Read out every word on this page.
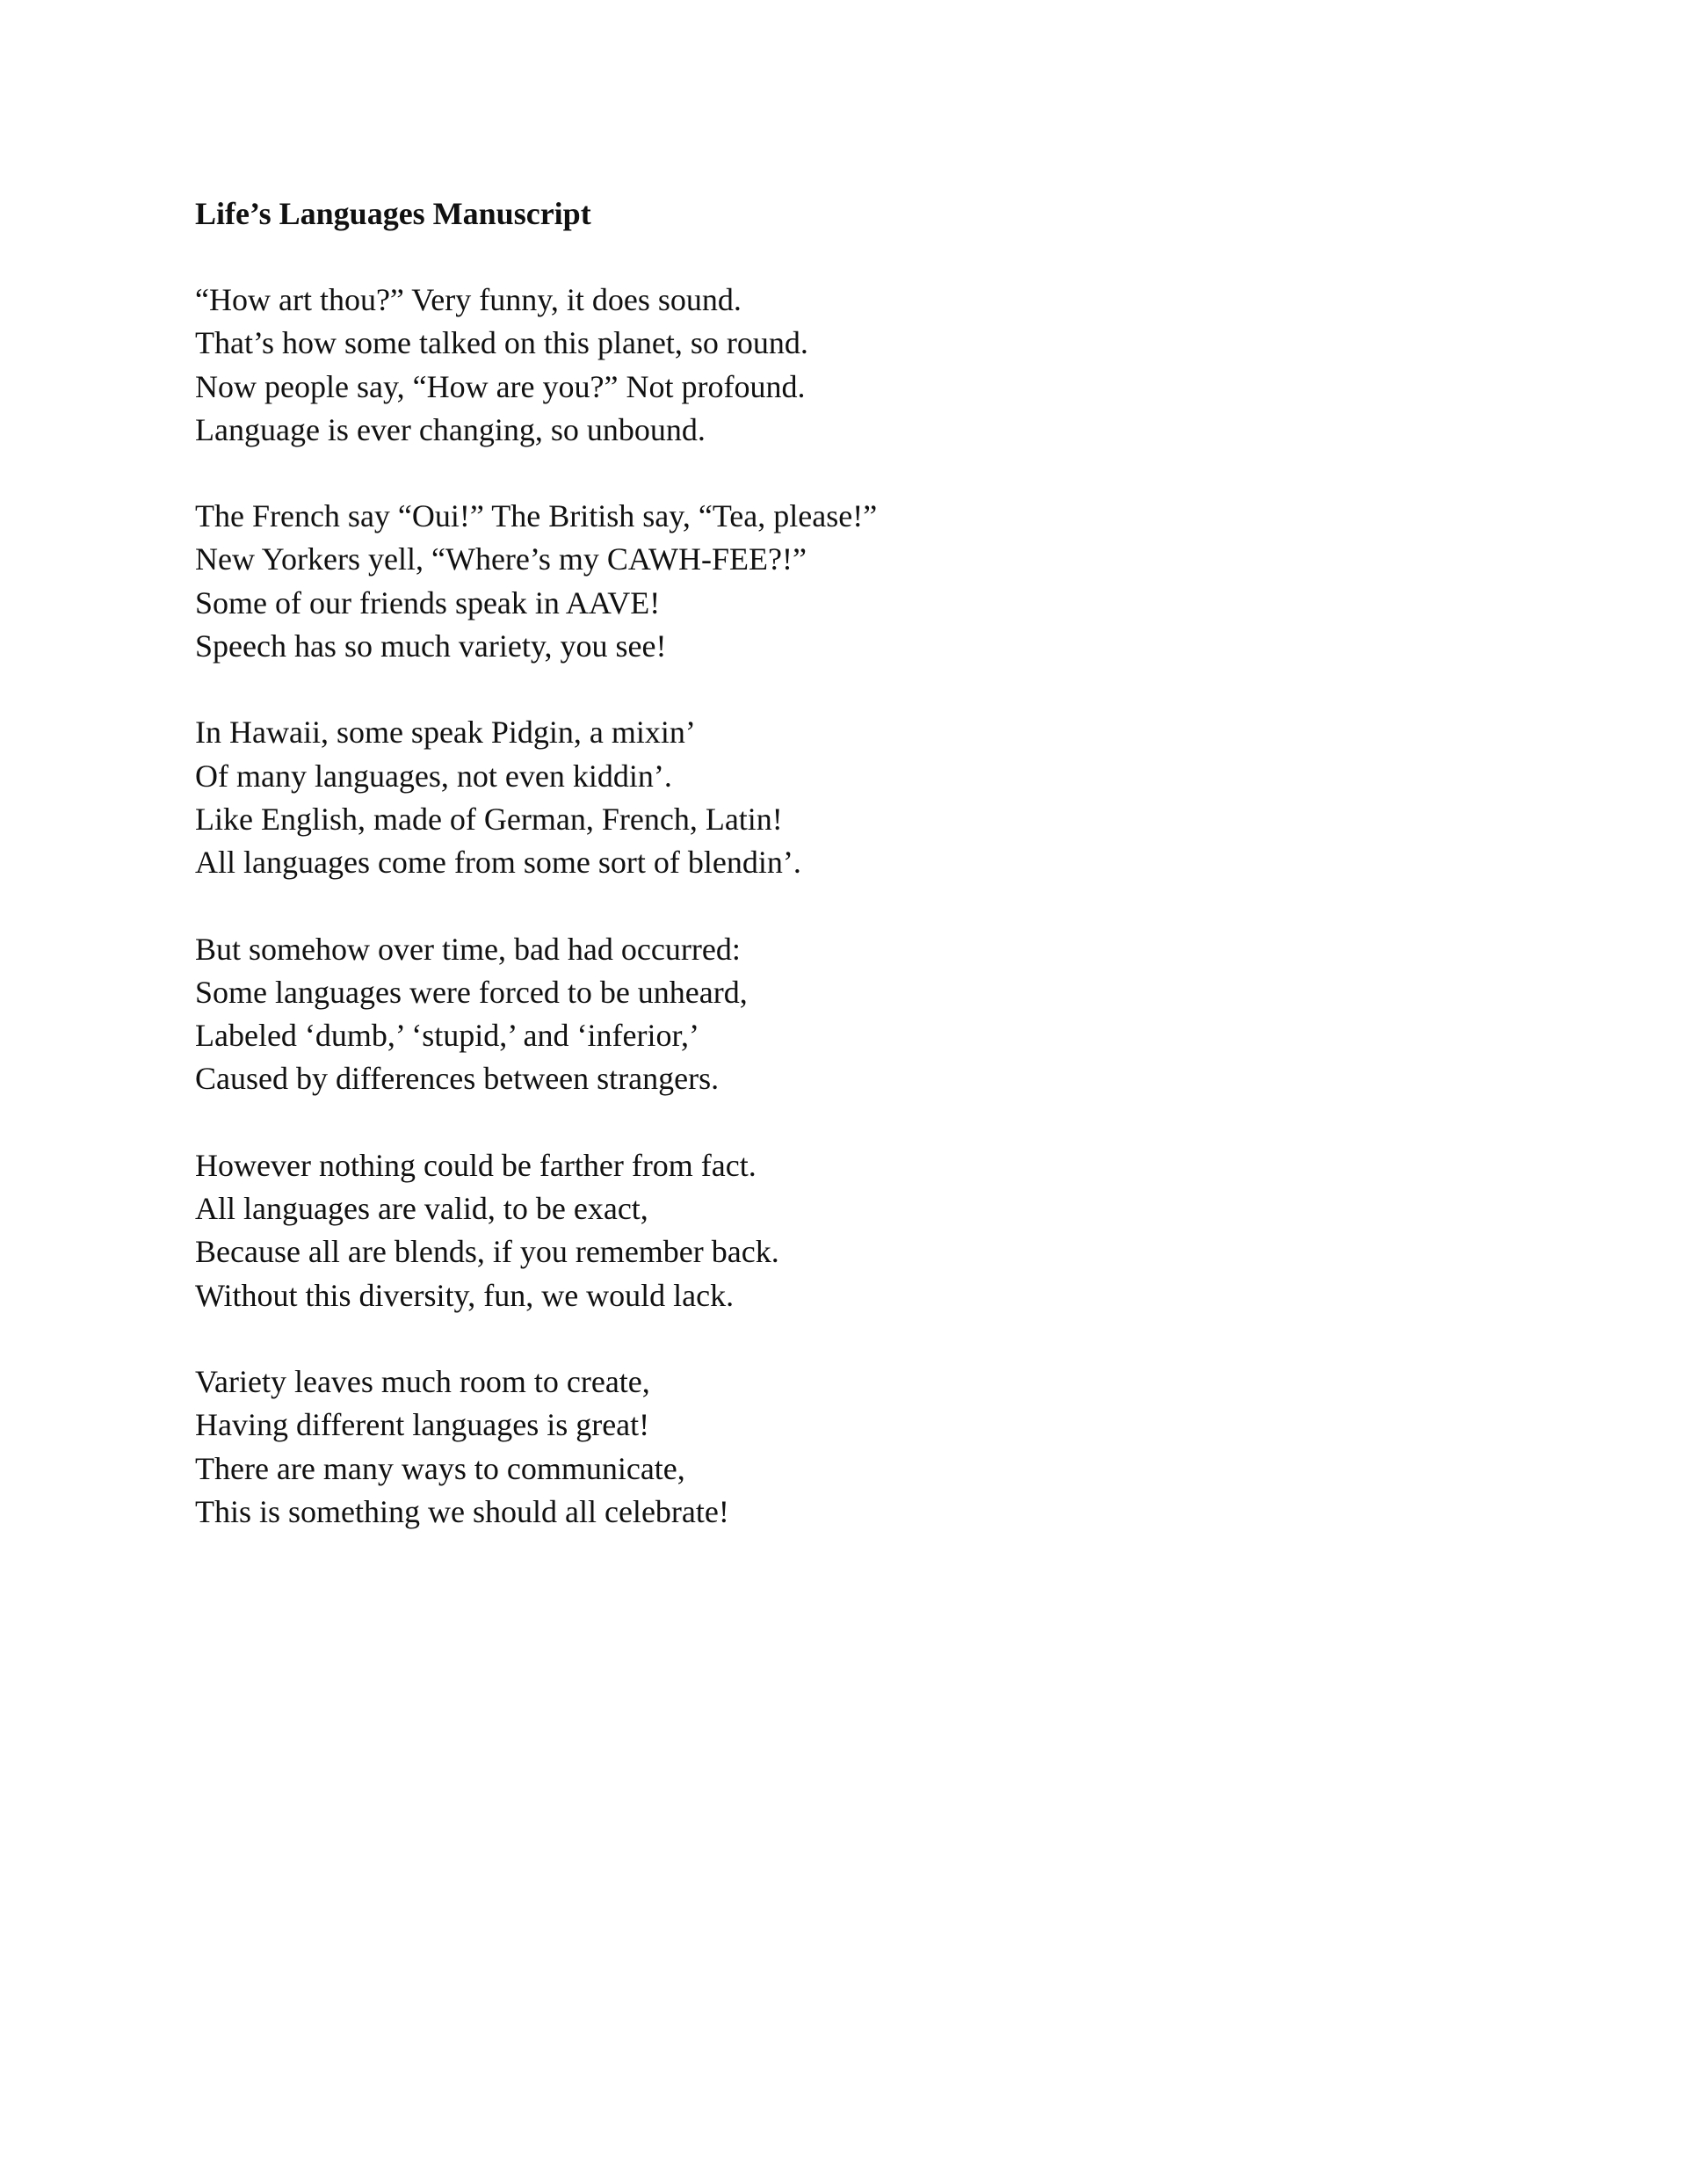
Life’s Languages Manuscript
“How art thou?” Very funny, it does sound.
That’s how some talked on this planet, so round.
Now people say, “How are you?” Not profound.
Language is ever changing, so unbound.
The French say “Oui!” The British say, “Tea, please!”
New Yorkers yell, “Where’s my CAWH-FEE?!”
Some of our friends speak in AAVE!
Speech has so much variety, you see!
In Hawaii, some speak Pidgin, a mixin’
Of many languages, not even kiddin’.
Like English, made of German, French, Latin!
All languages come from some sort of blendin’.
But somehow over time, bad had occurred:
Some languages were forced to be unheard,
Labeled ‘dumb,’ ‘stupid,’ and ‘inferior,’
Caused by differences between strangers.
However nothing could be farther from fact.
All languages are valid, to be exact,
Because all are blends, if you remember back.
Without this diversity, fun, we would lack.
Variety leaves much room to create,
Having different languages is great!
There are many ways to communicate,
This is something we should all celebrate!
